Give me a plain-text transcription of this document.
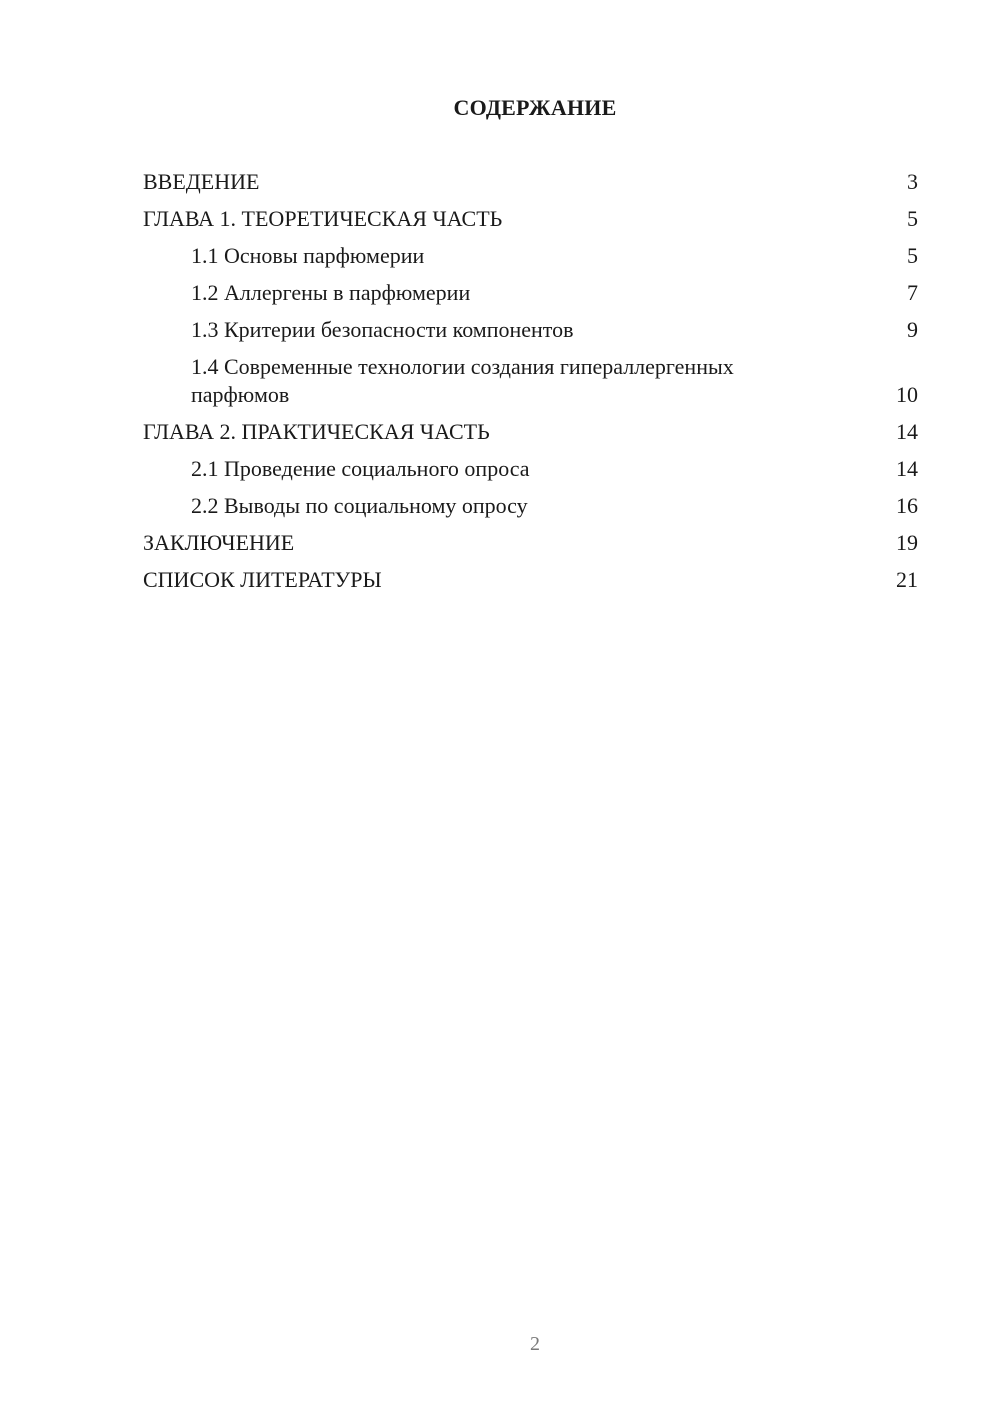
СОДЕРЖАНИЕ
ВВЕДЕНИЕ	3
ГЛАВА 1. ТЕОРЕТИЧЕСКАЯ ЧАСТЬ	5
1.1 Основы парфюмерии	5
1.2 Аллергены в парфюмерии	7
1.3 Критерии безопасности компонентов	9
1.4 Современные технологии создания гипераллергенных парфюмов	10
ГЛАВА 2. ПРАКТИЧЕСКАЯ ЧАСТЬ	14
2.1 Проведение социального опроса	14
2.2 Выводы по социальному опросу	16
ЗАКЛЮЧЕНИЕ	19
СПИСОК ЛИТЕРАТУРЫ	21
2
